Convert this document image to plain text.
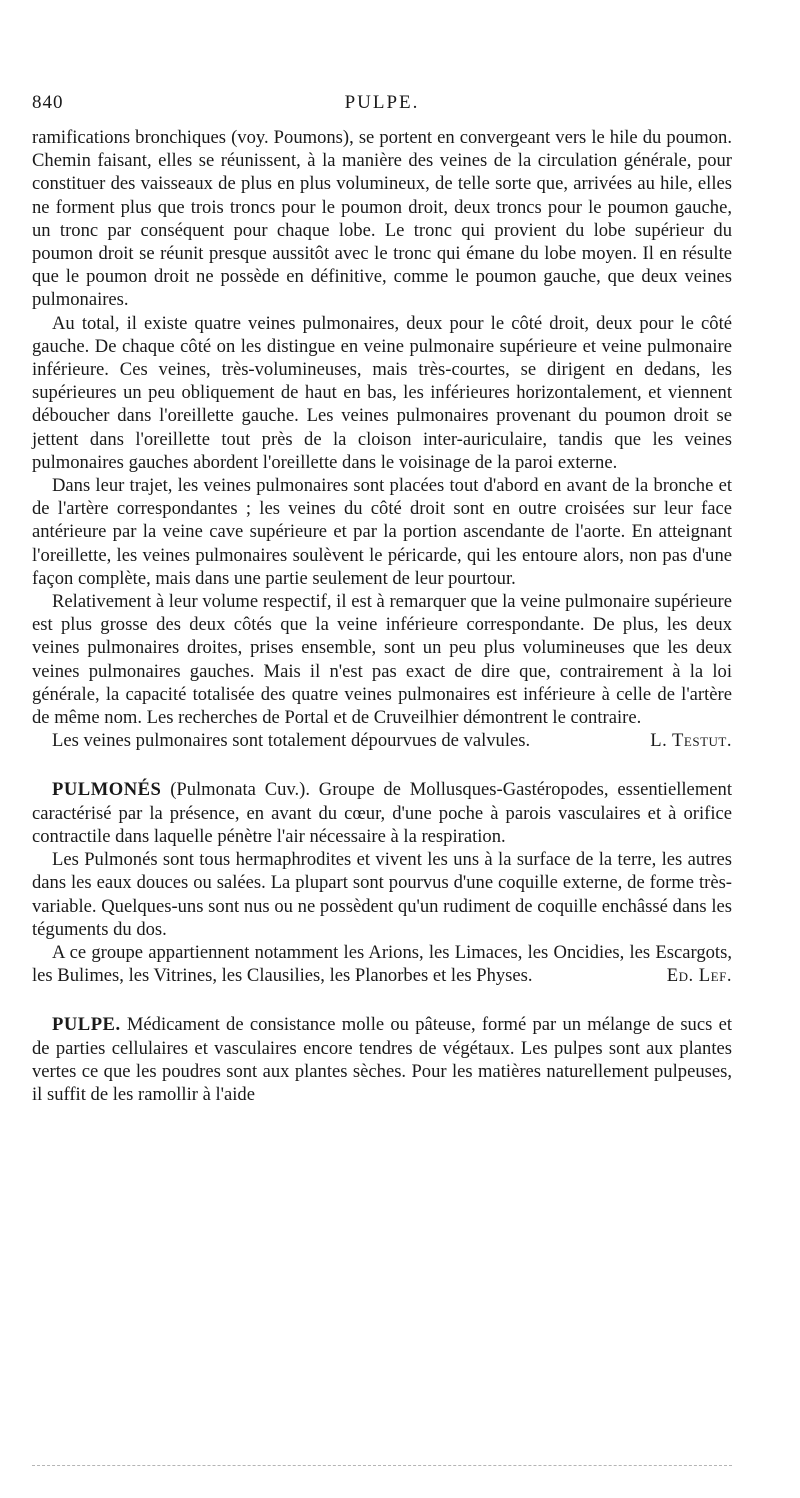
840	PULPE.

ramifications bronchiques (voy. Poumons), se portent en convergeant vers le hile du poumon. Chemin faisant, elles se réunissent, à la manière des veines de la circulation générale, pour constituer des vaisseaux de plus en plus volumineux, de telle sorte que, arrivées au hile, elles ne forment plus que trois troncs pour le poumon droit, deux troncs pour le poumon gauche, un tronc par conséquent pour chaque lobe. Le tronc qui provient du lobe supérieur du poumon droit se réunit presque aussitôt avec le tronc qui émane du lobe moyen. Il en résulte que le poumon droit ne possède en définitive, comme le poumon gauche, que deux veines pulmonaires.

Au total, il existe quatre veines pulmonaires, deux pour le côté droit, deux pour le côté gauche. De chaque côté on les distingue en veine pulmonaire supérieure et veine pulmonaire inférieure. Ces veines, très-volumineuses, mais très-courtes, se dirigent en dedans, les supérieures un peu obliquement de haut en bas, les inférieures horizontalement, et viennent déboucher dans l'oreillette gauche. Les veines pulmonaires provenant du poumon droit se jettent dans l'oreillette tout près de la cloison inter-auriculaire, tandis que les veines pulmonaires gauches abordent l'oreillette dans le voisinage de la paroi externe.

Dans leur trajet, les veines pulmonaires sont placées tout d'abord en avant de la bronche et de l'artère correspondantes ; les veines du côté droit sont en outre croisées sur leur face antérieure par la veine cave supérieure et par la portion ascendante de l'aorte. En atteignant l'oreillette, les veines pulmonaires soulèvent le péricarde, qui les entoure alors, non pas d'une façon complète, mais dans une partie seulement de leur pourtour.

Relativement à leur volume respectif, il est à remarquer que la veine pulmonaire supérieure est plus grosse des deux côtés que la veine inférieure correspondante. De plus, les deux veines pulmonaires droites, prises ensemble, sont un peu plus volumineuses que les deux veines pulmonaires gauches. Mais il n'est pas exact de dire que, contrairement à la loi générale, la capacité totalisée des quatre veines pulmonaires est inférieure à celle de l'artère de même nom. Les recherches de Portal et de Cruveilhier démontrent le contraire.

Les veines pulmonaires sont totalement dépourvues de valvules.	L. Testut.

PULMONÉS (Pulmonata Cuv.). Groupe de Mollusques-Gastéropodes, essentiellement caractérisé par la présence, en avant du cœur, d'une poche à parois vasculaires et à orifice contractile dans laquelle pénètre l'air nécessaire à la respiration.

Les Pulmonés sont tous hermaphrodites et vivent les uns à la surface de la terre, les autres dans les eaux douces ou salées. La plupart sont pourvus d'une coquille externe, de forme très-variable. Quelques-uns sont nus ou ne possèdent qu'un rudiment de coquille enchâssé dans les téguments du dos.

A ce groupe appartiennent notamment les Arions, les Limaces, les Oncidies, les Escargots, les Bulimes, les Vitrines, les Clausilies, les Planorbes et les Physes.	Ed. Lef.

PULPE. Médicament de consistance molle ou pâteuse, formé par un mélange de sucs et de parties cellulaires et vasculaires encore tendres de végétaux. Les pulpes sont aux plantes vertes ce que les poudres sont aux plantes sèches. Pour les matières naturellement pulpeuses, il suffit de les ramollir à l'aide
